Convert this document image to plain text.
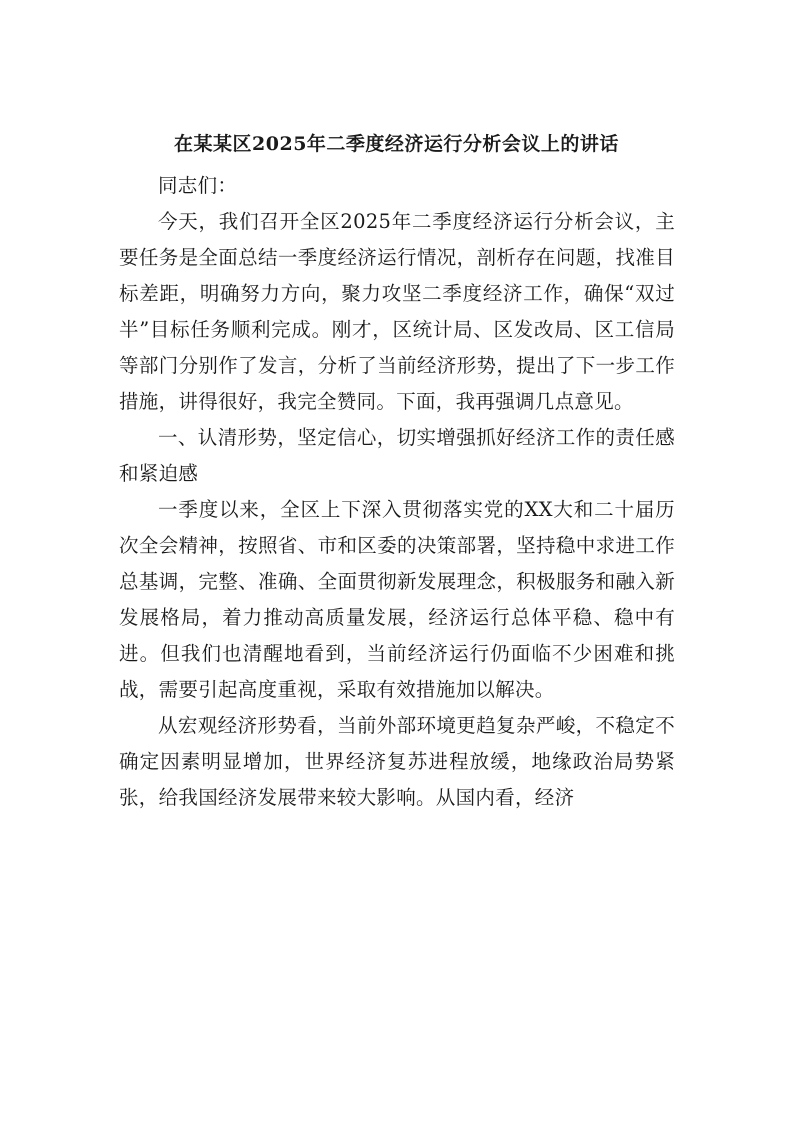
在某某区2025年二季度经济运行分析会议上的讲话

同志们：

今天，我们召开全区2025年二季度经济运行分析会议，主要任务是全面总结一季度经济运行情况，剖析存在问题，找准目标差距，明确努力方向，聚力攻坚二季度经济工作，确保“双过半”目标任务顺利完成。刚才，区统计局、区发改局、区工信局等部门分别作了发言，分析了当前经济形势，提出了下一步工作措施，讲得很好，我完全赞同。下面，我再强调几点意见。

一、认清形势，坚定信心，切实增强抓好经济工作的责任感和紧迫感

一季度以来，全区上下深入贯彻落实党的XX大和二十届历次全会精神，按照省、市和区委的决策部署，坚持稳中求进工作总基调，完整、准确、全面贯彻新发展理念，积极服务和融入新发展格局，着力推动高质量发展，经济运行总体平稳、稳中有进。但我们也清醒地看到，当前经济运行仍面临不少困难和挑战，需要引起高度重视，采取有效措施加以解决。

从宏观经济形势看，当前外部环境更趋复杂严峻，不稳定不确定因素明显增加，世界经济复苏进程放缓，地缘政治局势紧张，给我国经济发展带来较大影响。从国内看，经济
